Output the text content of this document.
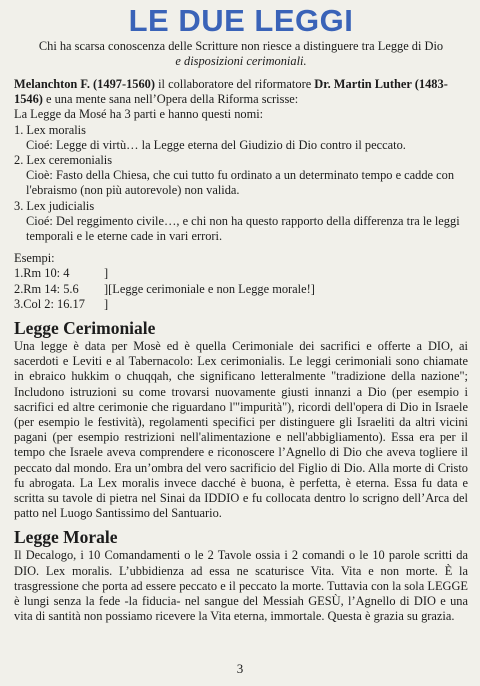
LE DUE LEGGI
Chi ha scarsa conoscenza delle Scritture non riesce a distinguere tra Legge di Dio
e disposizioni cerimoniali.
Melanchton F. (1497-1560) il collaboratore del riformatore Dr. Martin Luther (1483-1546) e una mente sana nell’Opera della Riforma scrisse:
La Legge da Mosé ha 3 parti e hanno questi nomi:
1. Lex moralis
Cioé: Legge di virtù… la Legge eterna del Giudizio di Dio contro il peccato.
2. Lex ceremonialis
Cioè: Fasto della Chiesa, che cui tutto fu ordinato a un determinato tempo e cadde con l'ebraismo (non più autorevole) non valida.
3. Lex judicialis
Cioé: Del reggimento civile…, e chi non ha questo rapporto della differenza tra le leggi temporali e le eterne cade in vari errori.
Esempi:
1.Rm 10: 4	]
2.Rm 14: 5.6	][Legge cerimoniale e non Legge morale!]
3.Col 2: 16.17	]
Legge Cerimoniale
Una legge è data per Mosè ed è quella Cerimoniale dei sacrifici e offerte a DIO, ai sacerdoti e Leviti e al Tabernacolo: Lex cerimonialis. Le leggi cerimoniali sono chiamate in ebraico hukkim o chuqqah, che significano letteralmente "tradizione della nazione"; Includono istruzioni su come trovarsi nuovamente giusti innanzi a Dio (per esempio i sacrifici ed altre cerimonie che riguardano l'"impurità"), ricordi dell'opera di Dio in Israele (per esempio le festività), regolamenti specifici per distinguere gli Israeliti da altri vicini pagani (per esempio restrizioni nell'alimentazione e nell'abbigliamento). Essa era per il tempo che Israele aveva comprendere e riconoscere l’Agnello di Dio che aveva togliere il peccato dal mondo. Era un’ombra del vero sacrificio del Figlio di Dio. Alla morte di Cristo fu abrogata. La Lex moralis invece dacché è buona, è perfetta, è eterna. Essa fu data e scritta su tavole di pietra nel Sinai da IDDIO e fu collocata dentro lo scrigno dell’Arca del patto nel Luogo Santissimo del Santuario.
Legge Morale
Il Decalogo, i 10 Comandamenti o le 2 Tavole ossia i 2 comandi o le 10 parole scritti da DIO. Lex moralis. L’ubbidienza ad essa ne scaturisce Vita. Vita e non morte. È la trasgressione che porta ad essere peccato e il peccato la morte. Tuttavia con la sola LEGGE è lungi senza la fede -la fiducia- nel sangue del Messiah GESÙ, l’Agnello di DIO e una vita di santità non possiamo ricevere la Vita eterna, immortale. Questa è grazia su grazia.
3
